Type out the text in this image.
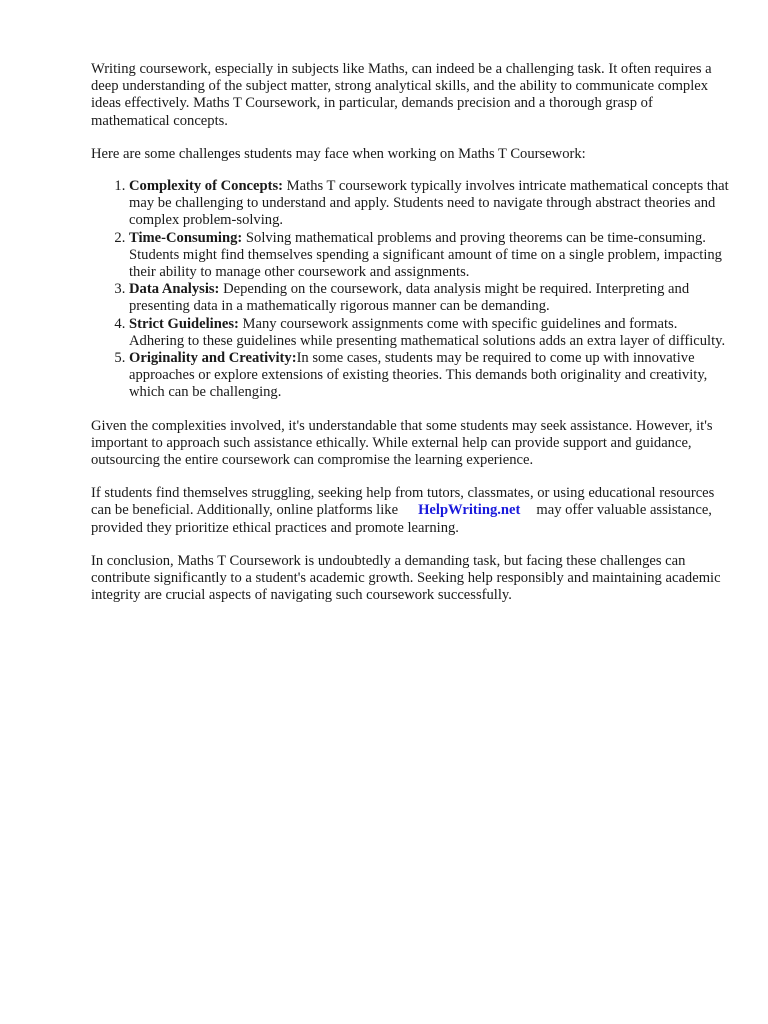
Writing coursework, especially in subjects like Maths, can indeed be a challenging task. It often requires a deep understanding of the subject matter, strong analytical skills, and the ability to communicate complex ideas effectively. Maths T Coursework, in particular, demands precision and a thorough grasp of mathematical concepts.

Here are some challenges students may face when working on Maths T Coursework:

1. Complexity of Concepts: Maths T coursework typically involves intricate mathematical concepts that may be challenging to understand and apply. Students need to navigate through abstract theories and complex problem-solving.
2. Time-Consuming: Solving mathematical problems and proving theorems can be time-consuming. Students might find themselves spending a significant amount of time on a single problem, impacting their ability to manage other coursework and assignments.
3. Data Analysis: Depending on the coursework, data analysis might be required. Interpreting and presenting data in a mathematically rigorous manner can be demanding.
4. Strict Guidelines: Many coursework assignments come with specific guidelines and formats. Adhering to these guidelines while presenting mathematical solutions adds an extra layer of difficulty.
5. Originality and Creativity:In some cases, students may be required to come up with innovative approaches or explore extensions of existing theories. This demands both originality and creativity, which can be challenging.

Given the complexities involved, it's understandable that some students may seek assistance. However, it's important to approach such assistance ethically. While external help can provide support and guidance, outsourcing the entire coursework can compromise the learning experience.

If students find themselves struggling, seeking help from tutors, classmates, or using educational resources can be beneficial. Additionally, online platforms like HelpWriting.net may offer valuable assistance, provided they prioritize ethical practices and promote learning.

In conclusion, Maths T Coursework is undoubtedly a demanding task, but facing these challenges can contribute significantly to a student's academic growth. Seeking help responsibly and maintaining academic integrity are crucial aspects of navigating such coursework successfully.
